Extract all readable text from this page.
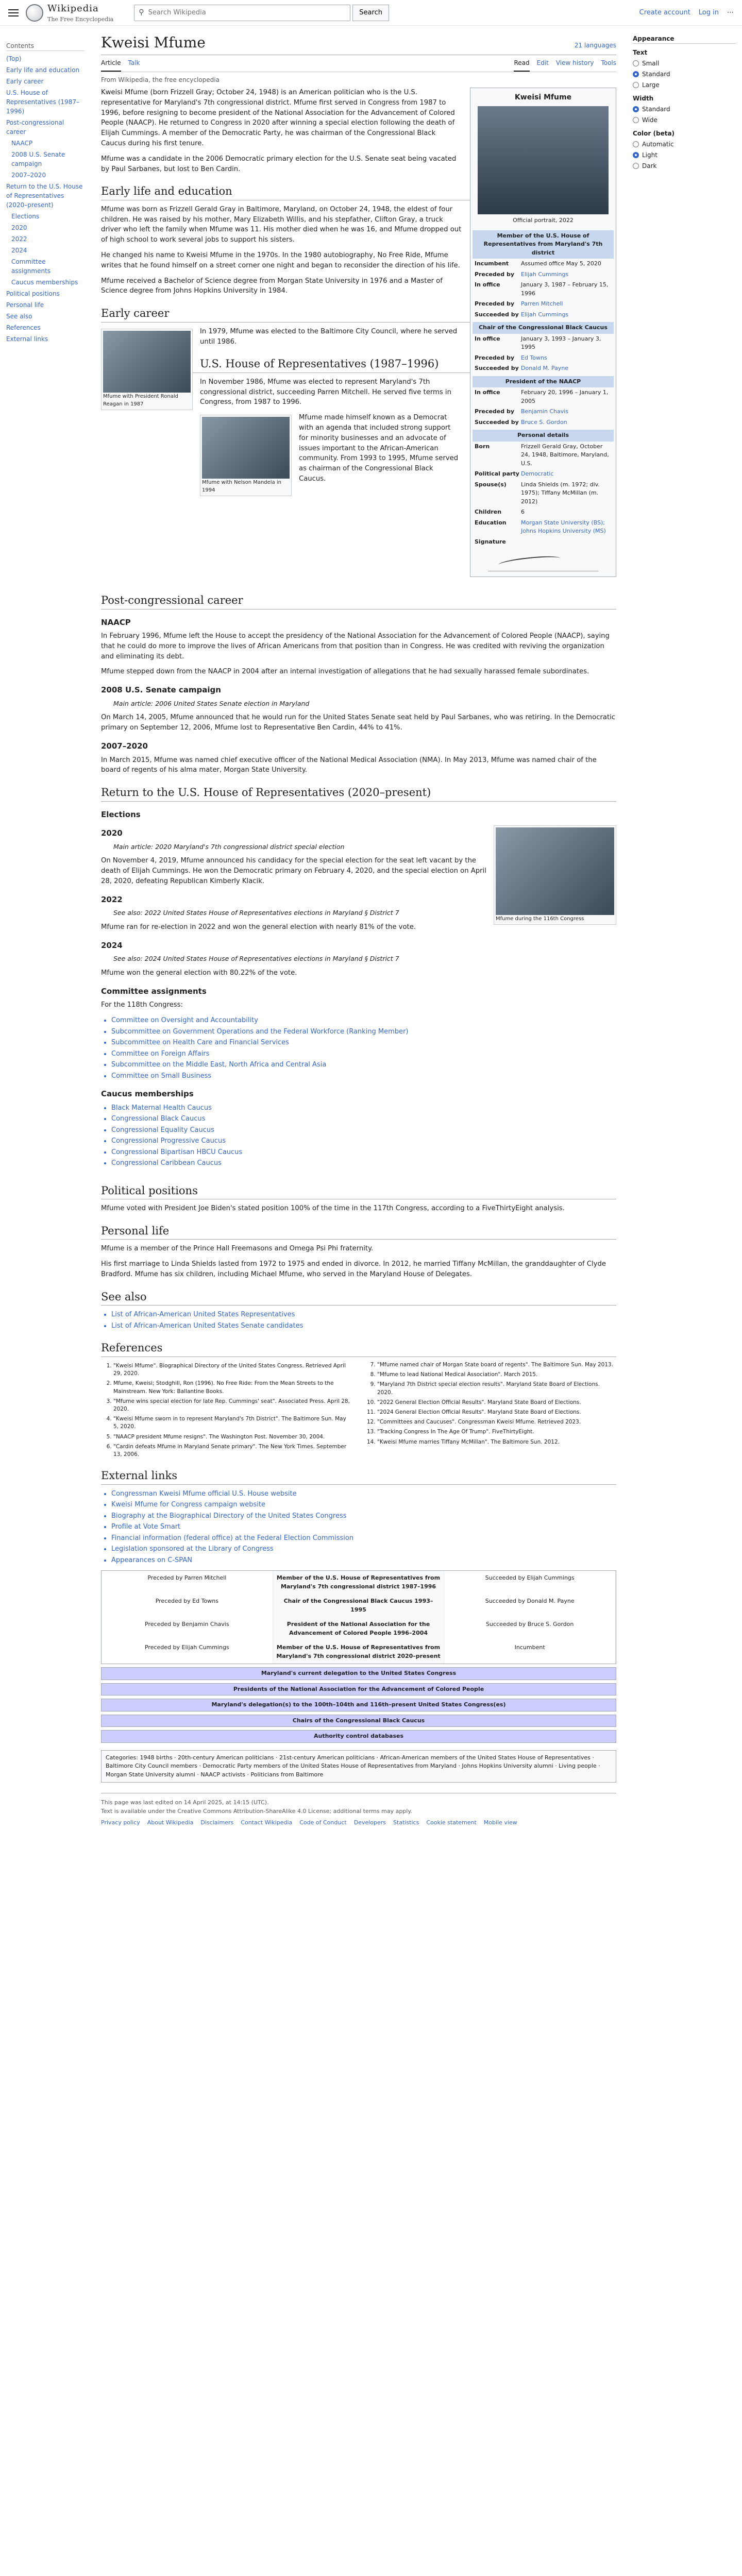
Wikipedia
The Free Encyclopedia
⚲
Search Wikipedia	Search	Create account Log in ⋯
Contents
(Top)
Early life and education
Early career
U.S. House of Representatives (1987–1996)
Post-congressional career
NAACP
2008 U.S. Senate campaign
2007–2020
Return to the U.S. House of Representatives (2020–present)
Elections
2020
2022
2024
Committee assignments
Caucus memberships
Political positions
Personal life
See also
References
External links
Kweisi Mfume	21 languages
Article Talk	Read Edit View history Tools
From Wikipedia, the free encyclopedia
Kweisi Mfume
Official portrait, 2022
Member of the U.S. House of Representatives from Maryland's 7th district
Incumbent	Assumed office May 5, 2020
Preceded by	Elijah Cummings
In office	January 3, 1987 – February 15, 1996
Preceded by	Parren Mitchell
Succeeded by Elijah Cummings
Chair of the Congressional Black Caucus
In office	January 3, 1993 – January 3, 1995
Preceded by	Ed Towns
Succeeded by Donald M. Payne
President of the NAACP
In office	February 20, 1996 – January 1, 2005
Preceded by	Benjamin Chavis
Succeeded by Bruce S. Gordon
Personal details
Born	Frizzell Gerald Gray, October 24, 1948, Baltimore, Maryland, U.S.
Political party Democratic
Spouse(s)	Linda Shields (m. 1972; div. 1975); Tiffany McMillan (m. 2012)
Children	6
Education	Morgan State University (BS); Johns Hopkins University (MS)
Signature

Kweisi Mfume (born Frizzell Gray; October 24, 1948) is an American politician who is the U.S. representative for Maryland's 7th congressional district. Mfume first served in Congress from 1987 to 1996, before resigning to become president of the National Association for the Advancement of Colored People (NAACP). He returned to Congress in 2020 after winning a special election following the death of Elijah Cummings. A member of the Democratic Party, he was chairman of the Congressional Black Caucus during his first tenure.

Mfume was a candidate in the 2006 Democratic primary election for the U.S. Senate seat being vacated by Paul Sarbanes, but lost to Ben Cardin.

Early life and education

Mfume was born as Frizzell Gerald Gray in Baltimore, Maryland, on October 24, 1948, the eldest of four children. He was raised by his mother, Mary Elizabeth Willis, and his stepfather, Clifton Gray, a truck driver who left the family when Mfume was 11. His mother died when he was 16, and Mfume dropped out of high school to work several jobs to support his sisters.

He changed his name to Kweisi Mfume in the 1970s. In the 1980 autobiography, No Free Ride, Mfume writes that he found himself on a street corner one night and began to reconsider the direction of his life.

Mfume received a Bachelor of Science degree from Morgan State University in 1976 and a Master of Science degree from Johns Hopkins University in 1984.

Early career
Mfume with President Ronald Reagan in 1987

In 1979, Mfume was elected to the Baltimore City Council, where he served until 1986.

U.S. House of Representatives (1987–1996)

In November 1986, Mfume was elected to represent Maryland's 7th congressional district, succeeding Parren Mitchell. He served five terms in Congress, from 1987 to 1996.

Mfume with Nelson Mandela in 1994

Mfume made himself known as a Democrat with an agenda that included strong support for minority businesses and an advocate of issues important to the African-American community. From 1993 to 1995, Mfume served as chairman of the Congressional Black Caucus.

Post-congressional career
NAACP

In February 1996, Mfume left the House to accept the presidency of the National Association for the Advancement of Colored People (NAACP), saying that he could do more to improve the lives of African Americans from that position than in Congress. He was credited with reviving the organization and eliminating its debt.

Mfume stepped down from the NAACP in 2004 after an internal investigation of allegations that he had sexually harassed female subordinates.

2008 U.S. Senate campaign
Main article: 2006 United States Senate election in Maryland

On March 14, 2005, Mfume announced that he would run for the United States Senate seat held by Paul Sarbanes, who was retiring. In the Democratic primary on September 12, 2006, Mfume lost to Representative Ben Cardin, 44% to 41%.

2007–2020

In March 2015, Mfume was named chief executive officer of the National Medical Association (NMA). In May 2013, Mfume was named chair of the board of regents of his alma mater, Morgan State University.

Return to the U.S. House of Representatives (2020–present)
Elections
Mfume during the 116th Congress
2020
Main article: 2020 Maryland's 7th congressional district special election

On November 4, 2019, Mfume announced his candidacy for the special election for the seat left vacant by the death of Elijah Cummings. He won the Democratic primary on February 4, 2020, and the special election on April 28, 2020, defeating Republican Kimberly Klacik.

2022
See also: 2022 United States House of Representatives elections in Maryland § District 7

Mfume ran for re-election in 2022 and won the general election with nearly 81% of the vote.

2024
See also: 2024 United States House of Representatives elections in Maryland § District 7

Mfume won the general election with 80.22% of the vote.

Committee assignments

For the 118th Congress:

• Committee on Oversight and Accountability
• Subcommittee on Government Operations and the Federal Workforce (Ranking Member)
• Subcommittee on Health Care and Financial Services
• Committee on Foreign Affairs
• Subcommittee on the Middle East, North Africa and Central Asia
• Committee on Small Business
Caucus memberships
• Black Maternal Health Caucus
• Congressional Black Caucus
• Congressional Equality Caucus
• Congressional Progressive Caucus
• Congressional Bipartisan HBCU Caucus
• Congressional Caribbean Caucus
Political positions

Mfume voted with President Joe Biden's stated position 100% of the time in the 117th Congress, according to a FiveThirtyEight analysis.

Personal life

Mfume is a member of the Prince Hall Freemasons and Omega Psi Phi fraternity.

His first marriage to Linda Shields lasted from 1972 to 1975 and ended in divorce. In 2012, he married Tiffany McMillan, the granddaughter of Clyde Bradford. Mfume has six children, including Michael Mfume, who served in the Maryland House of Delegates.

See also
• List of African-American United States Representatives
• List of African-American United States Senate candidates
References
1. "Kweisi Mfume". Biographical Directory of the United States Congress. Retrieved April 29, 2020.
2. Mfume, Kweisi; Stodghill, Ron (1996). No Free Ride: From the Mean Streets to the Mainstream. New York: Ballantine Books.
3. "Mfume wins special election for late Rep. Cummings' seat". Associated Press. April 28, 2020.
4. "Kweisi Mfume sworn in to represent Maryland's 7th District". The Baltimore Sun. May 5, 2020.
5. "NAACP president Mfume resigns". The Washington Post. November 30, 2004.
6. "Cardin defeats Mfume in Maryland Senate primary". The New York Times. September 13, 2006.
7. "Mfume named chair of Morgan State board of regents". The Baltimore Sun. May 2013.
8. "Mfume to lead National Medical Association". March 2015.
9. "Maryland 7th District special election results". Maryland State Board of Elections. 2020.
10. "2022 General Election Official Results". Maryland State Board of Elections.
11. "2024 General Election Official Results". Maryland State Board of Elections.
12. "Committees and Caucuses". Congressman Kweisi Mfume. Retrieved 2023.
13. "Tracking Congress In The Age Of Trump". FiveThirtyEight.
14. "Kweisi Mfume marries Tiffany McMillan". The Baltimore Sun. 2012.
External links
• Congressman Kweisi Mfume official U.S. House website
• Kweisi Mfume for Congress campaign website
• Biography at the Biographical Directory of the United States Congress
• Profile at Vote Smart
• Financial information (federal office) at the Federal Election Commission
• Legislation sponsored at the Library of Congress
• Appearances on C-SPAN
Preceded by Parren Mitchell	Member of the U.S. House of Representatives from Maryland's 7th congressional district 1987–1996
Succeeded by Elijah Cummings
Preceded by Ed Towns	Chair of the Congressional Black Caucus 1993–1995
Succeeded by Donald M. Payne
Preceded by Benjamin Chavis	President of the National Association for the Advancement of Colored People 1996–2004
Succeeded by Bruce S. Gordon
Preceded by Elijah Cummings	Member of the U.S. House of Representatives from Maryland's 7th congressional district 2020–present
Incumbent
Maryland's current delegation to the United States Congress
Presidents of the National Association for the Advancement of Colored People
Maryland's delegation(s) to the 100th–104th and 116th–present United States Congress(es)
Chairs of the Congressional Black Caucus
Authority control databases
Categories: 1948 births · 20th-century American politicians · 21st-century American politicians · African-American members of the United States House of Representatives · Baltimore City Council members · Democratic Party members of the United States House of Representatives from Maryland · Johns Hopkins University alumni · Living people · Morgan State University alumni · NAACP activists · Politicians from Baltimore
This page was last edited on 14 April 2025, at 14:15 (UTC).
Text is available under the Creative Commons Attribution-ShareAlike 4.0 License; additional terms may apply.
Privacy policy About Wikipedia Disclaimers Contact Wikipedia Code of Conduct Developers Statistics Cookie statement Mobile view
Appearance
Text
Small
Standard
Large
Width
Standard
Wide
Color (beta)
Automatic
Light
Dark
